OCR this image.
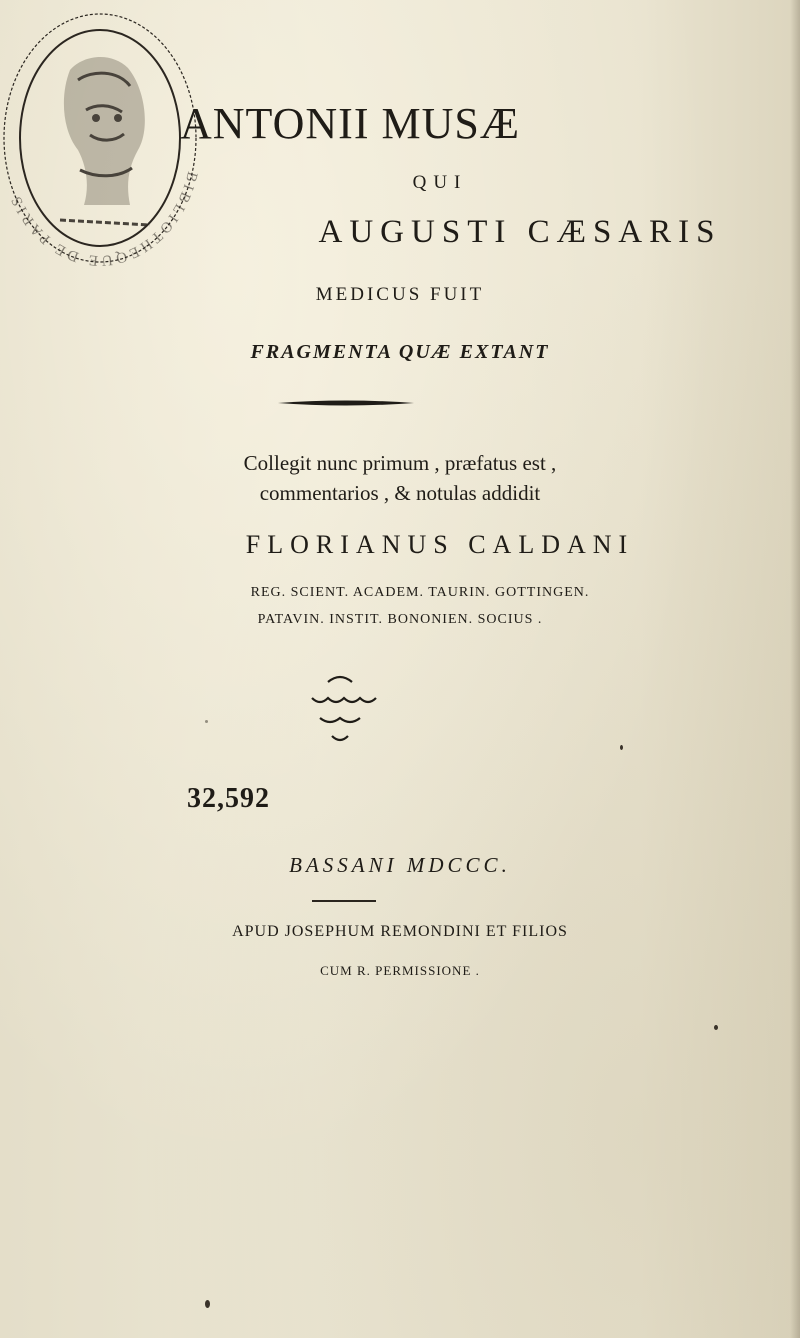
BIBLIOTHEQUE DE PARIS
ANTONII MUSÆ
QUI
AUGUSTI CÆSARIS
MEDICUS FUIT
FRAGMENTA QUÆ EXTANT
Collegit nunc primum , præfatus est ,
commentarios , & notulas addidit
FLORIANUS CALDANI
REG. SCIENT. ACADEM. TAURIN. GOTTINGEN.
PATAVIN. INSTIT. BONONIEN. SOCIUS .
32,592
BASSANI MDCCC.
APUD JOSEPHUM REMONDINI ET FILIOS
CUM R. PERMISSIONE .
